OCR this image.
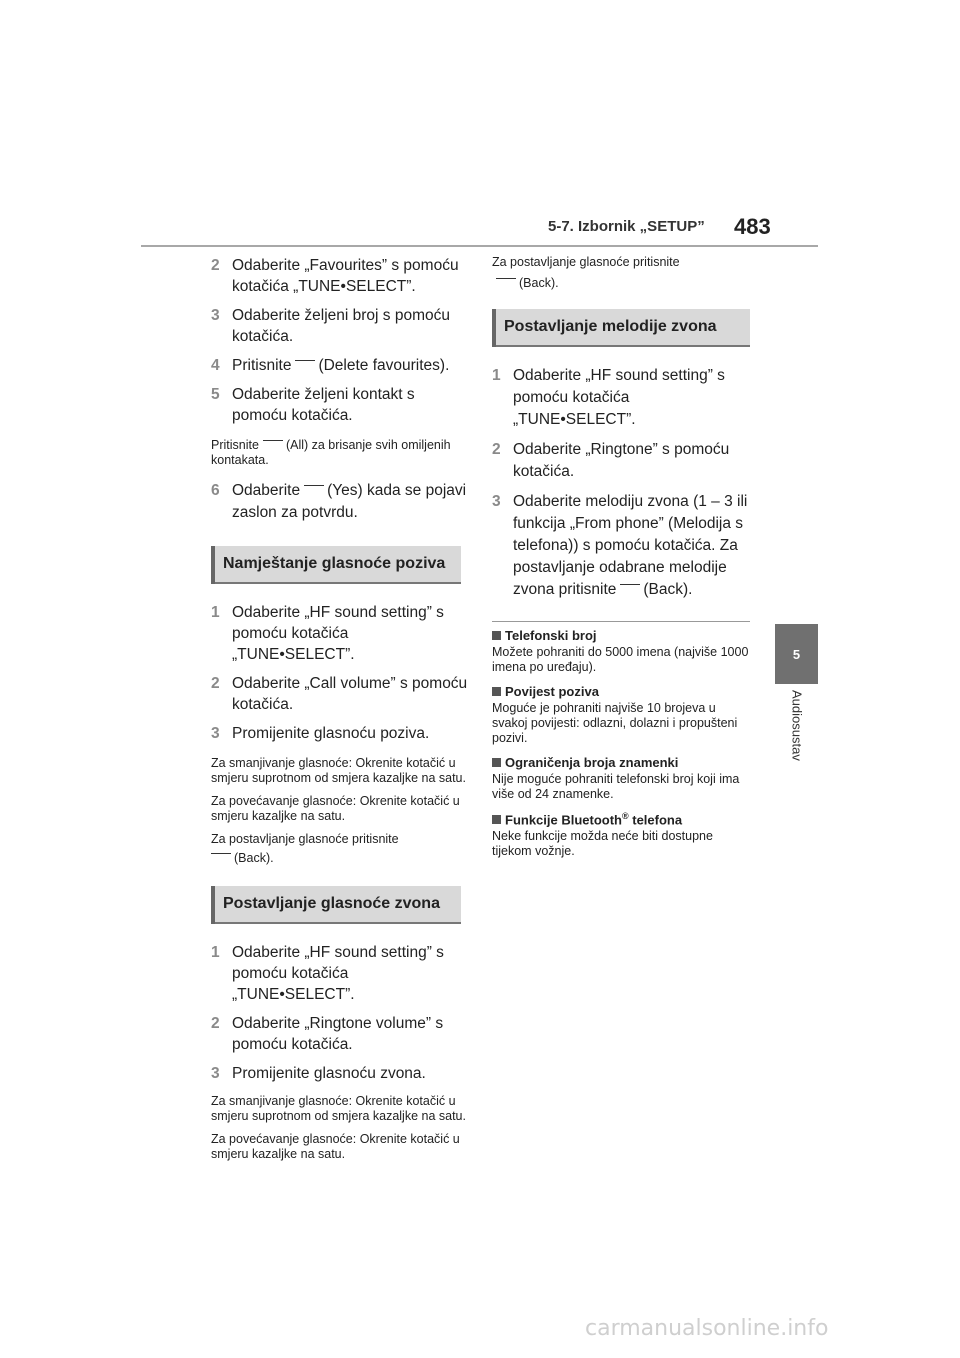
5-7. Izbornik „SETUP” 483
5
Audiosustav
2 Odaberite „Favourites” s pomoću kotačića „TUNE•SELECT”.
3 Odaberite željeni broj s pomoću kotačića.
4 Pritisnite (Delete favourites).
5 Odaberite željeni kontakt s pomoću kotačića.
Pritisnite (All) za brisanje svih omiljenih kontakata.
6 Odaberite (Yes) kada se pojavi zaslon za potvrdu.
Namještanje glasnoće poziva
1 Odaberite „HF sound setting” s pomoću kotačića „TUNE•SELECT”.
2 Odaberite „Call volume” s pomoću kotačića.
3 Promijenite glasnoću poziva.
Za smanjivanje glasnoće: Okrenite kotačić u smjeru suprotnom od smjera kazaljke na satu.
Za povećavanje glasnoće: Okrenite kotačić u smjeru kazaljke na satu.
Za postavljanje glasnoće pritisnite
(Back).
Postavljanje glasnoće zvona
1 Odaberite „HF sound setting” s pomoću kotačića „TUNE•SELECT”.
2 Odaberite „Ringtone volume” s pomoću kotačića.
3 Promijenite glasnoću zvona.
Za smanjivanje glasnoće: Okrenite kotačić u smjeru suprotnom od smjera kazaljke na satu.
Za povećavanje glasnoće: Okrenite kotačić u smjeru kazaljke na satu.
Za postavljanje glasnoće pritisnite
(Back).
Postavljanje melodije zvona
1 Odaberite „HF sound setting” s pomoću kotačića „TUNE•SELECT”.
2 Odaberite „Ringtone” s pomoću kotačića.
3 Odaberite melodiju zvona (1 – 3 ili funkcija „From phone” (Melodija s telefona)) s pomoću kotačića. Za postavljanje odabrane melodije zvona pritisnite (Back).
Telefonski broj
Možete pohraniti do 5000 imena (najviše 1000 imena po uređaju).
Povijest poziva
Moguće je pohraniti najviše 10 brojeva u svakoj povijesti: odlazni, dolazni i propušteni pozivi.
Ograničenja broja znamenki
Nije moguće pohraniti telefonski broj koji ima više od 24 znamenke.
Funkcije Bluetooth® telefona
Neke funkcije možda neće biti dostupne tijekom vožnje.
carmanualsonline.info
